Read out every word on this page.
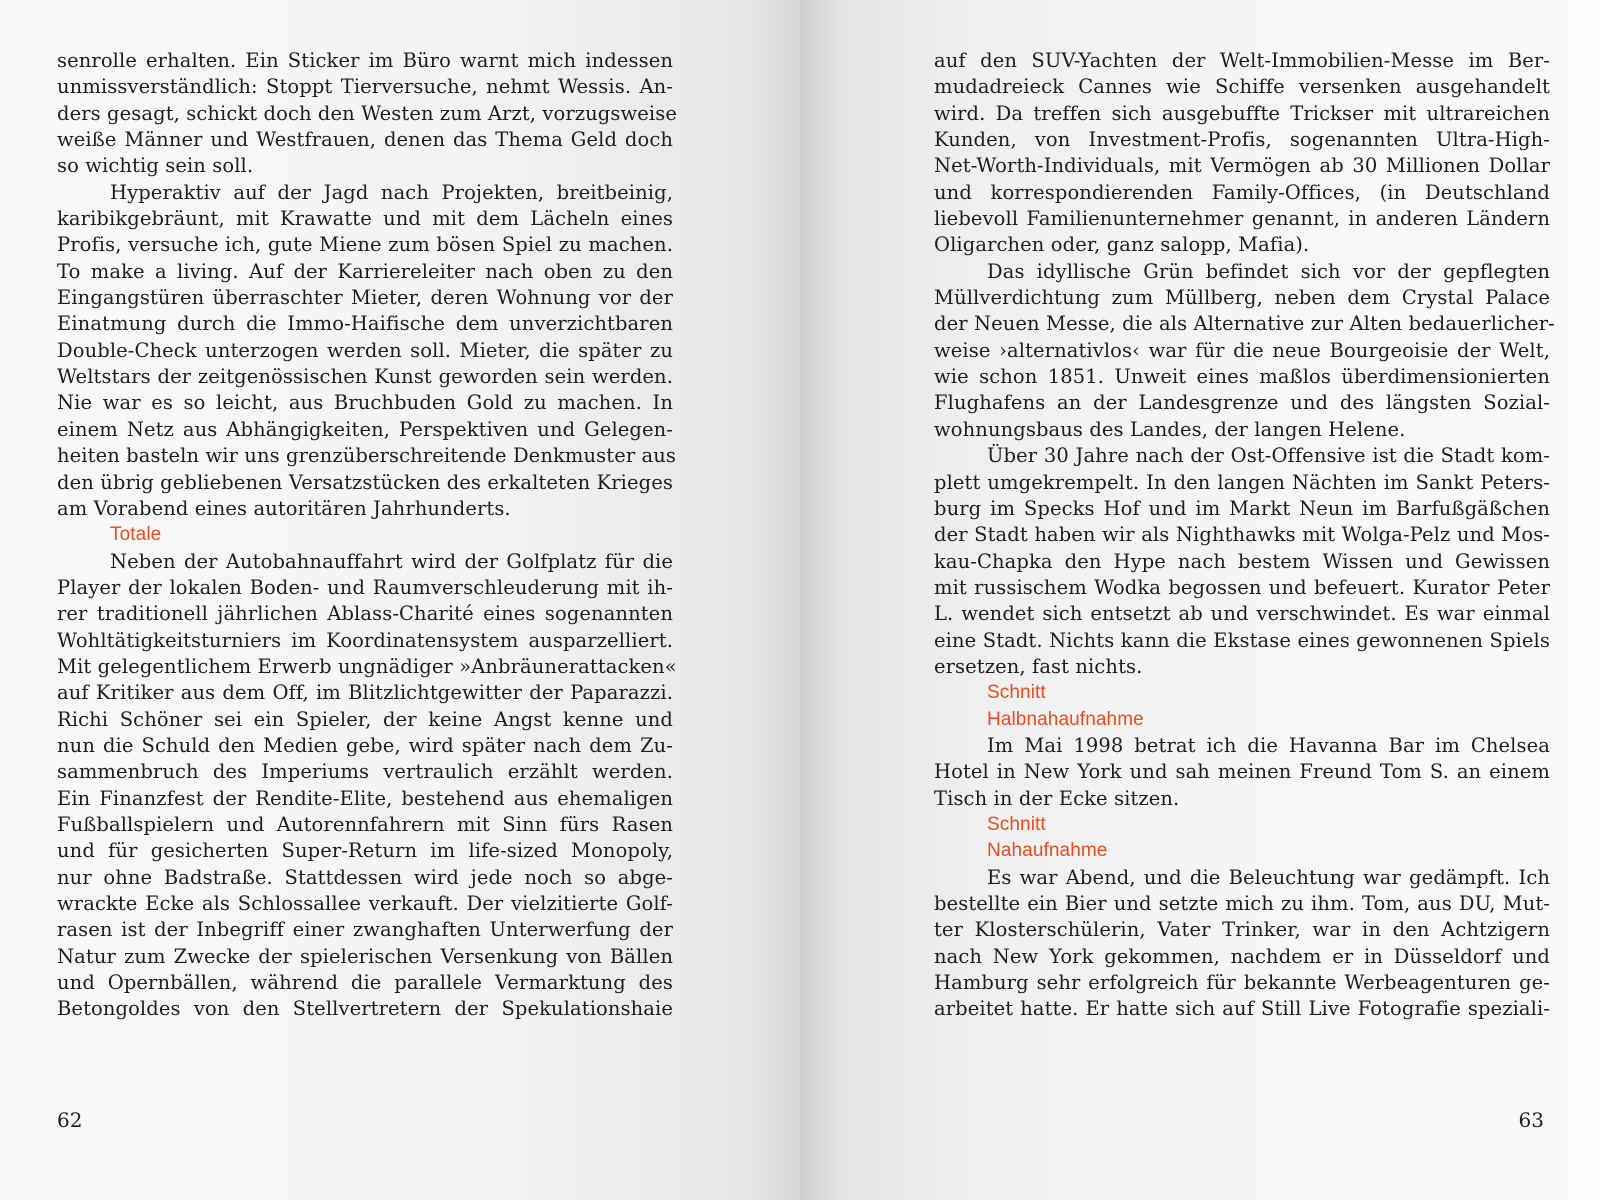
senrolle erhalten. Ein Sticker im Büro warnt mich indessen
unmissverständlich: Stoppt Tierversuche, nehmt Wessis. An-
ders gesagt, schickt doch den Westen zum Arzt, vorzugsweise
weiße Männer und Westfrauen, denen das Thema Geld doch
so wichtig sein soll.
Hyperaktiv auf der Jagd nach Projekten, breitbeinig,
karibikgebräunt, mit Krawatte und mit dem Lächeln eines
Profis, versuche ich, gute Miene zum bösen Spiel zu machen.
To make a living. Auf der Karriereleiter nach oben zu den
Eingangstüren überraschter Mieter, deren Wohnung vor der
Einatmung durch die Immo-Haifische dem unverzichtbaren
Double-Check unterzogen werden soll. Mieter, die später zu
Weltstars der zeitgenössischen Kunst geworden sein werden.
Nie war es so leicht, aus Bruchbuden Gold zu machen. In
einem Netz aus Abhängigkeiten, Perspektiven und Gelegen-
heiten basteln wir uns grenzüberschreitende Denkmuster aus
den übrig gebliebenen Versatzstücken des erkalteten Krieges
am Vorabend eines autoritären Jahrhunderts.
Totale
Neben der Autobahnauffahrt wird der Golfplatz für die
Player der lokalen Boden- und Raumverschleuderung mit ih-
rer traditionell jährlichen Ablass-Charité eines sogenannten
Wohltätigkeitsturniers im Koordinatensystem ausparzelliert.
Mit gelegentlichem Erwerb ungnädiger »Anbräunerattacken«
auf Kritiker aus dem Off, im Blitzlichtgewitter der Paparazzi.
Richi Schöner sei ein Spieler, der keine Angst kenne und
nun die Schuld den Medien gebe, wird später nach dem Zu-
sammenbruch des Imperiums vertraulich erzählt werden.
Ein Finanzfest der Rendite-Elite, bestehend aus ehemaligen
Fußballspielern und Autorennfahrern mit Sinn fürs Rasen
und für gesicherten Super-Return im life-sized Monopoly,
nur ohne Badstraße. Stattdessen wird jede noch so abge-
wrackte Ecke als Schlossallee verkauft. Der vielzitierte Golf-
rasen ist der Inbegriff einer zwanghaften Unterwerfung der
Natur zum Zwecke der spielerischen Versenkung von Bällen
und Opernbällen, während die parallele Vermarktung des
Betongoldes von den Stellvertretern der Spekulationshaie
62
auf den SUV-Yachten der Welt-Immobilien-Messe im Ber-
mudadreieck Cannes wie Schiffe versenken ausgehandelt
wird. Da treffen sich ausgebuffte Trickser mit ultrareichen
Kunden, von Investment-Profis, sogenannten Ultra-High-
Net-Worth-Individuals, mit Vermögen ab 30 Millionen Dollar
und korrespondierenden Family-Offices, (in Deutschland
liebevoll Familienunternehmer genannt, in anderen Ländern
Oligarchen oder, ganz salopp, Mafia).
Das idyllische Grün befindet sich vor der gepflegten
Müllverdichtung zum Müllberg, neben dem Crystal Palace
der Neuen Messe, die als Alternative zur Alten bedauerlicher-
weise ›alternativlos‹ war für die neue Bourgeoisie der Welt,
wie schon 1851. Unweit eines maßlos überdimensionierten
Flughafens an der Landesgrenze und des längsten Sozial-
wohnungsbaus des Landes, der langen Helene.
Über 30 Jahre nach der Ost-Offensive ist die Stadt kom-
plett umgekrempelt. In den langen Nächten im Sankt Peters-
burg im Specks Hof und im Markt Neun im Barfußgäßchen
der Stadt haben wir als Nighthawks mit Wolga-Pelz und Mos-
kau-Chapka den Hype nach bestem Wissen und Gewissen
mit russischem Wodka begossen und befeuert. Kurator Peter
L. wendet sich entsetzt ab und verschwindet. Es war einmal
eine Stadt. Nichts kann die Ekstase eines gewonnenen Spiels
ersetzen, fast nichts.
Schnitt
Halbnahaufnahme
Im Mai 1998 betrat ich die Havanna Bar im Chelsea
Hotel in New York und sah meinen Freund Tom S. an einem
Tisch in der Ecke sitzen.
Schnitt
Nahaufnahme
Es war Abend, und die Beleuchtung war gedämpft. Ich
bestellte ein Bier und setzte mich zu ihm. Tom, aus DU, Mut-
ter Klosterschülerin, Vater Trinker, war in den Achtzigern
nach New York gekommen, nachdem er in Düsseldorf und
Hamburg sehr erfolgreich für bekannte Werbeagenturen ge-
arbeitet hatte. Er hatte sich auf Still Live Fotografie speziali-
63
